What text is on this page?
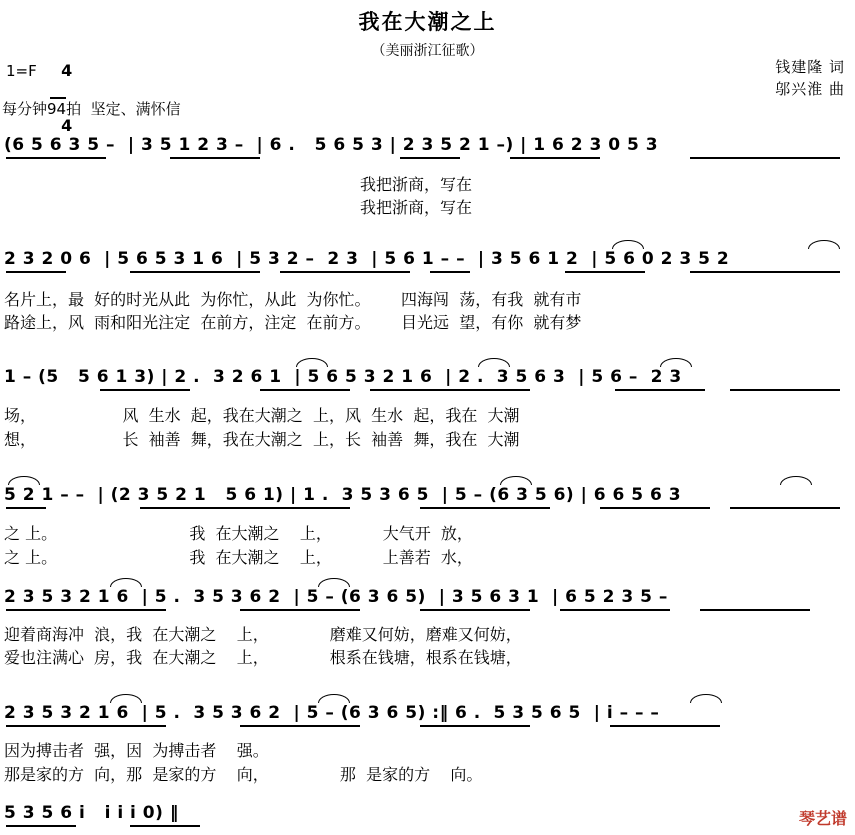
我在大潮之上
（美丽浙江征歌）
1=F	4

4

钱建隆 词
邬兴淮 曲
每分钟94拍  坚定、满怀信
(6 5 6 3 5 –  | 3 5 1 2 3 –  | 6 .   5 6 5 3 | 2 3 5 2 1 –) | 1 6 2 3 0 5 3
我把浙商，写在
我把浙商，写在
2 3 2 0 6  | 5 6 5 3 1 6  | 5 3 2 –  2 3  | 5 6 1 – –  | 3 5 6 1 2  | 5 6 0 2 3 5 2
名片上，最  好的时光从此  为你忙，从此  为你忙。      四海闯  荡，有我  就有市
路途上，风  雨和阳光注定  在前方，注定  在前方。      目光远  望，有你  就有梦
1 – (5   5 6 1 3) | 2 .  3 2 6 1  | 5 6 5 3 2 1 6  | 2 .  3 5 6 3  | 5 6 –  2 3
场，                 风  生水  起，我在大潮之  上，风  生水  起，我在  大潮
想，                 长  袖善  舞，我在大潮之  上，长  袖善  舞，我在  大潮
5 2 1 – –  | (2 3 5 2 1   5 6 1) | 1 .  3 5 3 6 5  | 5 – (6 3 5 6) | 6 6 5 6 3
之 上。                          我  在大潮之    上，          大气开  放，
之 上。                          我  在大潮之    上，          上善若  水，
2 3 5 3 2 1 6  | 5 .  3 5 3 6 2  | 5 – (6 3 6 5)  | 3 5 6 3 1  | 6 5 2 3 5 –
迎着商海冲  浪，我  在大潮之    上，            磨难又何妨，磨难又何妨，
爱也注满心  房，我  在大潮之    上，            根系在钱塘，根系在钱塘，
2 3 5 3 2 1 6  | 5 .  3 5 3 6 2  | 5 – (6 3 6 5) :‖ 6 .  5 3 5 6 5  | i – – –
因为搏击者  强，因  为搏击者    强。
那是家的方  向，那  是家的方    向，              那  是家的方    向。
5 3 5 6 i   i i i 0) ‖	琴艺谱
